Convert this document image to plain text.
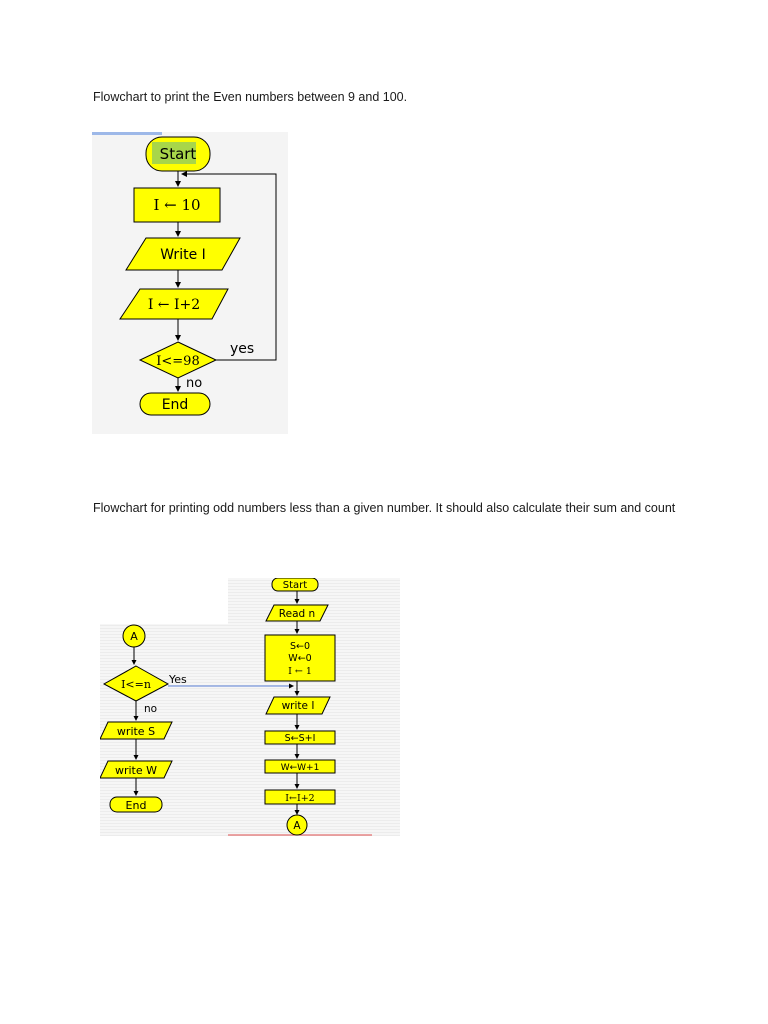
Flowchart to print the Even numbers between 9 and 100.

Start
I ← 10
Write I
I ← I+2
I<=98
yes
no
End

Flowchart for printing odd numbers less than a given number. It should also calculate their sum and count

Start
Read n
S←0
W←0
I ← 1
write I
S←S+I
W←W+1
I←I+2
A
A
I<=n Yes
no
write S
write W
End
